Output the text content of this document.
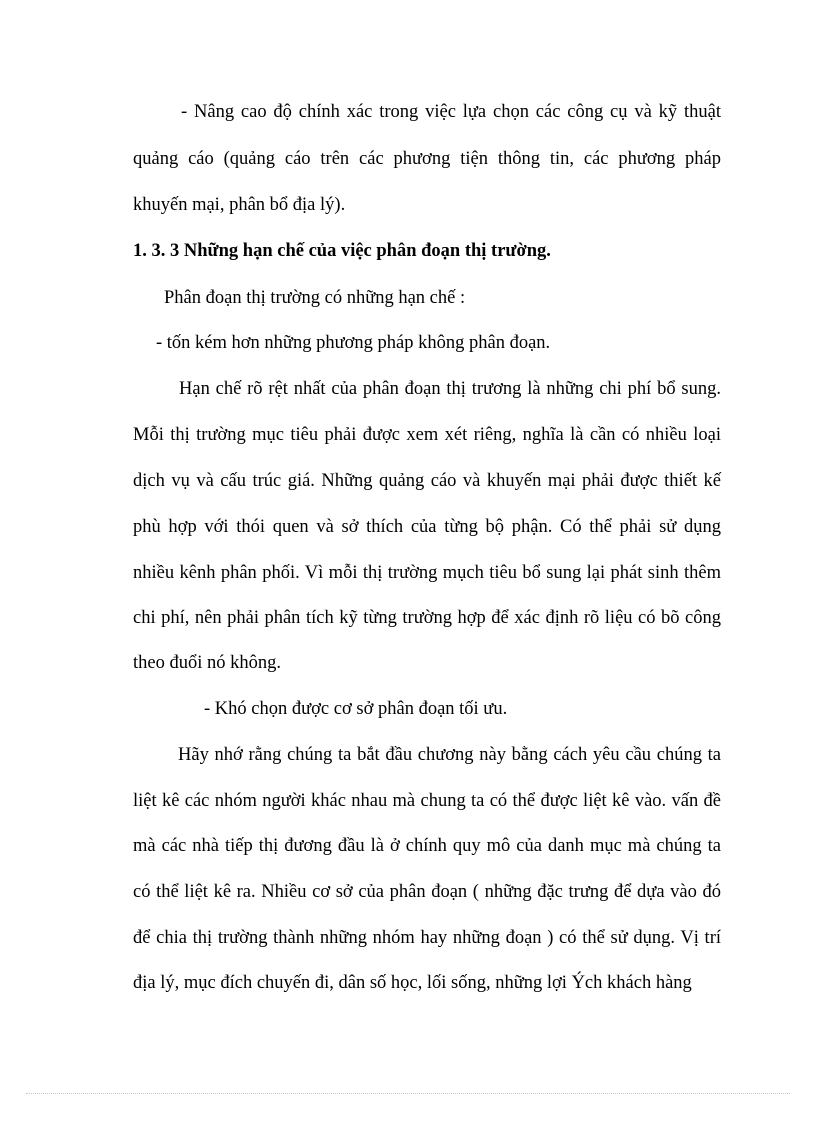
- Nâng cao độ chính xác trong việc lựa chọn các công cụ và kỹ thuật
quảng cáo (quảng cáo trên các phương tiện thông tin, các phương pháp
khuyến mại, phân bổ địa lý).
1. 3. 3 Những hạn chế của việc phân đoạn thị trường.
Phân đoạn thị trường có những hạn chế :
- tốn kém hơn những phương pháp không phân đoạn.
Hạn chế rõ rệt nhất của phân đoạn thị trương là những chi phí bổ sung.
Mỗi thị trường mục tiêu phải được xem xét riêng, nghĩa là cần có nhiều loại
dịch vụ và cấu trúc giá. Những quảng cáo và khuyến mại phải được thiết kế
phù hợp với thói quen và sở thích của từng bộ phận. Có thể phải sử dụng
nhiều kênh phân phối. Vì mỗi thị trường mụch tiêu bổ sung lại phát sinh thêm
chi phí, nên phải phân tích kỹ từng trường hợp để xác định rõ liệu có bõ công
theo đuổi nó không.
- Khó chọn được cơ sở phân đoạn tối ưu.
Hãy nhớ rằng chúng ta bắt đầu chương này bằng cách yêu cầu chúng ta
liệt kê các nhóm người khác nhau mà chung ta có thể được liệt kê vào. vấn đề
mà các nhà tiếp thị đương đầu là ở chính quy mô của danh mục mà chúng ta
có thể liệt kê ra. Nhiều cơ sở của phân đoạn ( những đặc trưng để dựa vào đó
để chia thị trường thành những nhóm hay những đoạn ) có thể sử dụng. Vị trí
địa lý, mục đích chuyến đi, dân số học, lối sống, những lợi Ých khách hàng
